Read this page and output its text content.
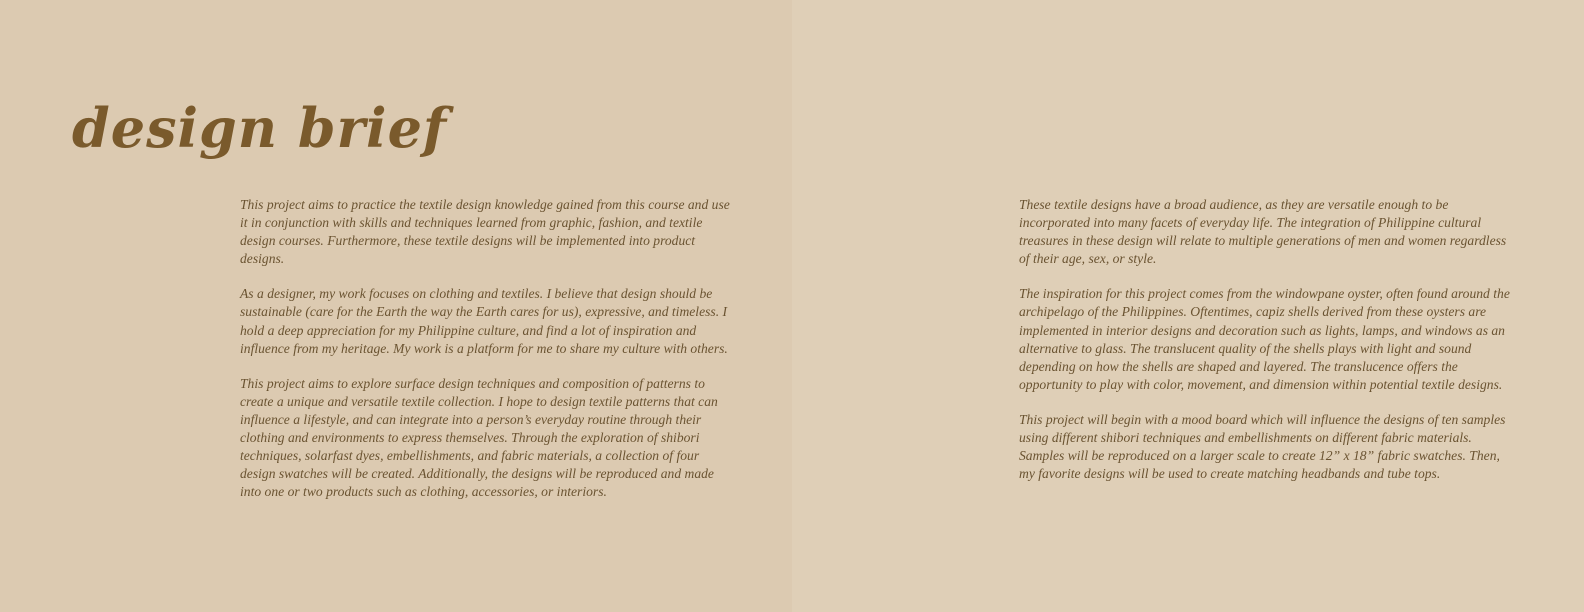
design brief

This project aims to practice the textile design knowledge gained from this course and use it in conjunction with skills and techniques learned from graphic, fashion, and textile design courses. Furthermore, these textile designs will be implemented into product designs.

As a designer, my work focuses on clothing and textiles. I believe that design should be sustainable (care for the Earth the way the Earth cares for us), expressive, and timeless. I hold a deep appreciation for my Philippine culture, and find a lot of inspiration and influence from my heritage. My work is a platform for me to share my culture with others.

This project aims to explore surface design techniques and composition of patterns to create a unique and versatile textile collection. I hope to design textile patterns that can influence a lifestyle, and can integrate into a person’s everyday routine through their clothing and environments to express themselves. Through the exploration of shibori techniques, solarfast dyes, embellishments, and fabric materials, a collection of four design swatches will be created. Additionally, the designs will be reproduced and made into one or two products such as clothing, accessories, or interiors.

These textile designs have a broad audience, as they are versatile enough to be incorporated into many facets of everyday life. The integration of Philippine cultural treasures in these design will relate to multiple generations of men and women regardless of their age, sex, or style.

The inspiration for this project comes from the windowpane oyster, often found around the archipelago of the Philippines. Oftentimes, capiz shells derived from these oysters are implemented in interior designs and decoration such as lights, lamps, and windows as an alternative to glass. The translucent quality of the shells plays with light and sound depending on how the shells are shaped and layered. The translucence offers the opportunity to play with color, movement, and dimension within potential textile designs.

This project will begin with a mood board which will influence the designs of ten samples using different shibori techniques and embellishments on different fabric materials. Samples will be reproduced on a larger scale to create 12” x 18” fabric swatches. Then, my favorite designs will be used to create matching headbands and tube tops.
